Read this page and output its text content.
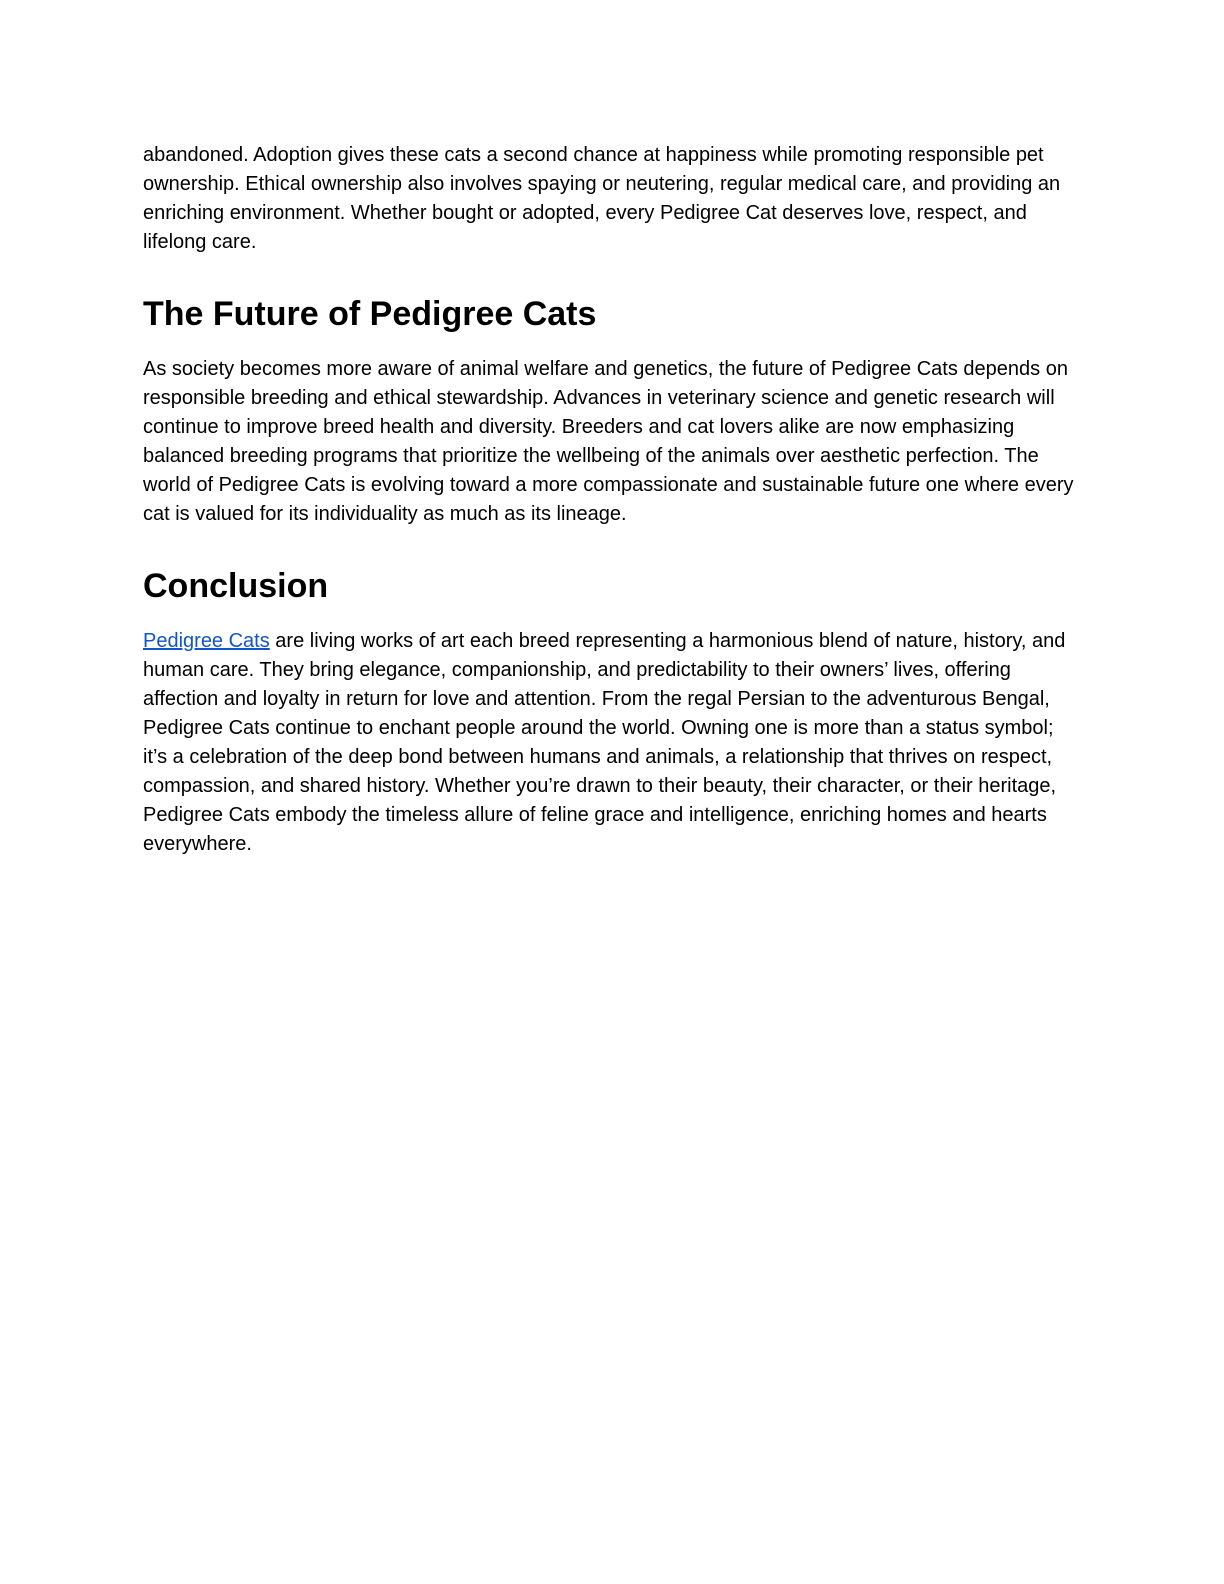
abandoned. Adoption gives these cats a second chance at happiness while promoting responsible pet ownership. Ethical ownership also involves spaying or neutering, regular medical care, and providing an enriching environment. Whether bought or adopted, every Pedigree Cat deserves love, respect, and lifelong care.

The Future of Pedigree Cats

As society becomes more aware of animal welfare and genetics, the future of Pedigree Cats depends on responsible breeding and ethical stewardship. Advances in veterinary science and genetic research will continue to improve breed health and diversity. Breeders and cat lovers alike are now emphasizing balanced breeding programs that prioritize the wellbeing of the animals over aesthetic perfection. The world of Pedigree Cats is evolving toward a more compassionate and sustainable future one where every cat is valued for its individuality as much as its lineage.

Conclusion

Pedigree Cats are living works of art each breed representing a harmonious blend of nature, history, and human care. They bring elegance, companionship, and predictability to their owners’ lives, offering affection and loyalty in return for love and attention. From the regal Persian to the adventurous Bengal, Pedigree Cats continue to enchant people around the world. Owning one is more than a status symbol; it’s a celebration of the deep bond between humans and animals, a relationship that thrives on respect, compassion, and shared history. Whether you’re drawn to their beauty, their character, or their heritage, Pedigree Cats embody the timeless allure of feline grace and intelligence, enriching homes and hearts everywhere.
